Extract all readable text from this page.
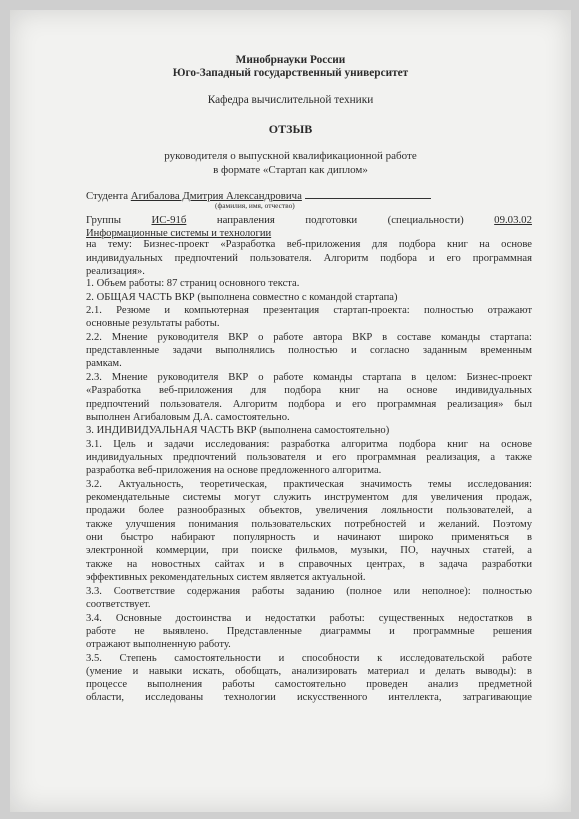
Минобрнауки России
Юго-Западный государственный университет
Кафедра вычислительной техники
ОТЗЫВ
руководителя о выпускной квалификационной работе
в формате «Стартап как диплом»
Студента Агибалова Дмитрия Александровича
(фамилия, имя, отчество)
Группы	ИС-91б	направления	подготовки	(специальности)	09.03.02
Информационные системы и технологии
на тему: Бизнес-проект «Разработка веб-приложения для подбора книг на основе
индивидуальных предпочтений пользователя. Алгоритм подбора и его программная
реализация».
1. Объем работы: 87 страниц основного текста.
2. ОБЩАЯ ЧАСТЬ ВКР (выполнена совместно с командой стартапа)
2.1. Резюме и компьютерная презентация стартап-проекта: полностью отражают
основные результаты работы.
2.2. Мнение руководителя ВКР о работе автора ВКР в составе команды стартапа:
представленные задачи выполнялись полностью и согласно заданным временным
рамкам.
2.3. Мнение руководителя ВКР о работе команды стартапа в целом: Бизнес-проект
«Разработка веб-приложения для подбора книг на основе индивидуальных
предпочтений пользователя. Алгоритм подбора и его программная реализация» был
выполнен Агибаловым Д.А. самостоятельно.
3. ИНДИВИДУАЛЬНАЯ ЧАСТЬ ВКР (выполнена самостоятельно)
3.1. Цель и задачи исследования: разработка алгоритма подбора книг на основе
индивидуальных предпочтений пользователя и его программная реализация, а также
разработка веб-приложения на основе предложенного алгоритма.
3.2. Актуальность, теоретическая, практическая значимость темы исследования:
рекомендательные системы могут служить инструментом для увеличения продаж,
продажи более разнообразных объектов, увеличения лояльности пользователей, а
также улучшения понимания пользовательских потребностей и желаний. Поэтому
они быстро набирают популярность и начинают широко применяться в
электронной коммерции, при поиске фильмов, музыки, ПО, научных статей, а
также на новостных сайтах и в справочных центрах, в задача разработки
эффективных рекомендательных систем является актуальной.
3.3. Соответствие содержания работы заданию (полное или неполное): полностью
соответствует.
3.4. Основные достоинства и недостатки работы: существенных недостатков в
работе не выявлено. Представленные диаграммы и программные решения
отражают выполненную работу.
3.5. Степень самостоятельности и способности к исследовательской работе
(умение и навыки искать, обобщать, анализировать материал и делать выводы): в
процессе выполнения работы самостоятельно проведен анализ предметной
области, исследованы технологии искусственного интеллекта, затрагивающие
